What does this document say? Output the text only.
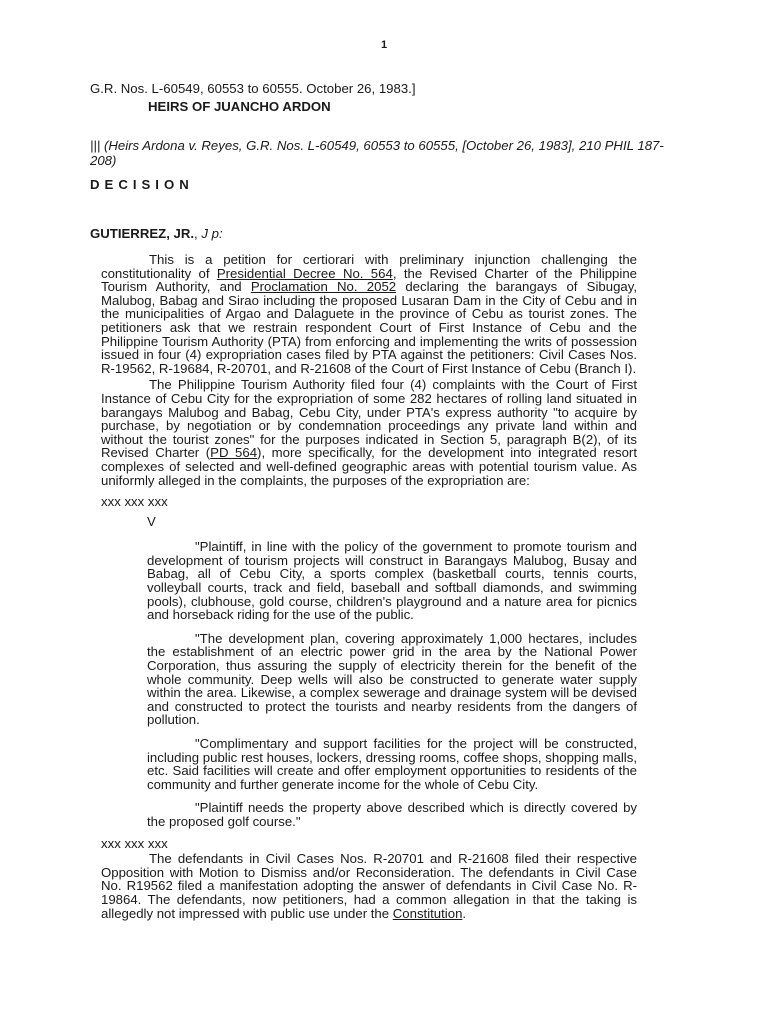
1
G.R. Nos. L-60549, 60553 to 60555. October 26, 1983.]
HEIRS OF JUANCHO ARDON
||| (Heirs Ardona v. Reyes, G.R. Nos. L-60549, 60553 to 60555, [October 26, 1983], 210 PHIL 187-208)
DECISION
GUTIERREZ, JR., J p:

This is a petition for certiorari with preliminary injunction challenging the constitutionality of Presidential Decree No. 564, the Revised Charter of the Philippine Tourism Authority, and Proclamation No. 2052 declaring the barangays of Sibugay, Malubog, Babag and Sirao including the proposed Lusaran Dam in the City of Cebu and in the municipalities of Argao and Dalaguete in the province of Cebu as tourist zones. The petitioners ask that we restrain respondent Court of First Instance of Cebu and the Philippine Tourism Authority (PTA) from enforcing and implementing the writs of possession issued in four (4) expropriation cases filed by PTA against the petitioners: Civil Cases Nos. R-19562, R-19684, R-20701, and R-21608 of the Court of First Instance of Cebu (Branch I).

The Philippine Tourism Authority filed four (4) complaints with the Court of First Instance of Cebu City for the expropriation of some 282 hectares of rolling land situated in barangays Malubog and Babag, Cebu City, under PTA's express authority "to acquire by purchase, by negotiation or by condemnation proceedings any private land within and without the tourist zones" for the purposes indicated in Section 5, paragraph B(2), of its Revised Charter (PD 564), more specifically, for the development into integrated resort complexes of selected and well-defined geographic areas with potential tourism value. As uniformly alleged in the complaints, the purposes of the expropriation are:

xxx xxx xxx

V

"Plaintiff, in line with the policy of the government to promote tourism and development of tourism projects will construct in Barangays Malubog, Busay and Babag, all of Cebu City, a sports complex (basketball courts, tennis courts, volleyball courts, track and field, baseball and softball diamonds, and swimming pools), clubhouse, gold course, children's playground and a nature area for picnics and horseback riding for the use of the public.

"The development plan, covering approximately 1,000 hectares, includes the establishment of an electric power grid in the area by the National Power Corporation, thus assuring the supply of electricity therein for the benefit of the whole community. Deep wells will also be constructed to generate water supply within the area. Likewise, a complex sewerage and drainage system will be devised and constructed to protect the tourists and nearby residents from the dangers of pollution.

"Complimentary and support facilities for the project will be constructed, including public rest houses, lockers, dressing rooms, coffee shops, shopping malls, etc. Said facilities will create and offer employment opportunities to residents of the community and further generate income for the whole of Cebu City.

"Plaintiff needs the property above described which is directly covered by the proposed golf course."

xxx xxx xxx

The defendants in Civil Cases Nos. R-20701 and R-21608 filed their respective Opposition with Motion to Dismiss and/or Reconsideration. The defendants in Civil Case No. R19562 filed a manifestation adopting the answer of defendants in Civil Case No. R-19864. The defendants, now petitioners, had a common allegation in that the taking is allegedly not impressed with public use under the Constitution.
